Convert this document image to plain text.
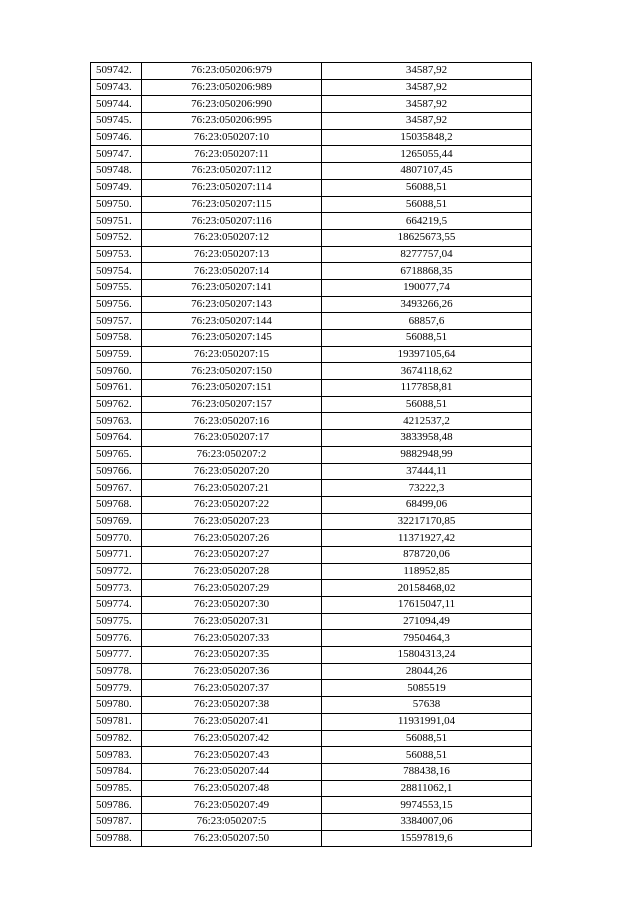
509742.	76:23:050206:979	34587,92
509743.	76:23:050206:989	34587,92
509744.	76:23:050206:990	34587,92
509745.	76:23:050206:995	34587,92
509746.	76:23:050207:10	15035848,2
509747.	76:23:050207:11	1265055,44
509748.	76:23:050207:112	4807107,45
509749.	76:23:050207:114	56088,51
509750.	76:23:050207:115	56088,51
509751.	76:23:050207:116	664219,5
509752.	76:23:050207:12	18625673,55
509753.	76:23:050207:13	8277757,04
509754.	76:23:050207:14	6718868,35
509755.	76:23:050207:141	190077,74
509756.	76:23:050207:143	3493266,26
509757.	76:23:050207:144	68857,6
509758.	76:23:050207:145	56088,51
509759.	76:23:050207:15	19397105,64
509760.	76:23:050207:150	3674118,62
509761.	76:23:050207:151	1177858,81
509762.	76:23:050207:157	56088,51
509763.	76:23:050207:16	4212537,2
509764.	76:23:050207:17	3833958,48
509765.	76:23:050207:2	9882948,99
509766.	76:23:050207:20	37444,11
509767.	76:23:050207:21	73222,3
509768.	76:23:050207:22	68499,06
509769.	76:23:050207:23	32217170,85
509770.	76:23:050207:26	11371927,42
509771.	76:23:050207:27	878720,06
509772.	76:23:050207:28	118952,85
509773.	76:23:050207:29	20158468,02
509774.	76:23:050207:30	17615047,11
509775.	76:23:050207:31	271094,49
509776.	76:23:050207:33	7950464,3
509777.	76:23:050207:35	15804313,24
509778.	76:23:050207:36	28044,26
509779.	76:23:050207:37	5085519
509780.	76:23:050207:38	57638
509781.	76:23:050207:41	11931991,04
509782.	76:23:050207:42	56088,51
509783.	76:23:050207:43	56088,51
509784.	76:23:050207:44	788438,16
509785.	76:23:050207:48	28811062,1
509786.	76:23:050207:49	9974553,15
509787.	76:23:050207:5	3384007,06
509788.	76:23:050207:50	15597819,6
